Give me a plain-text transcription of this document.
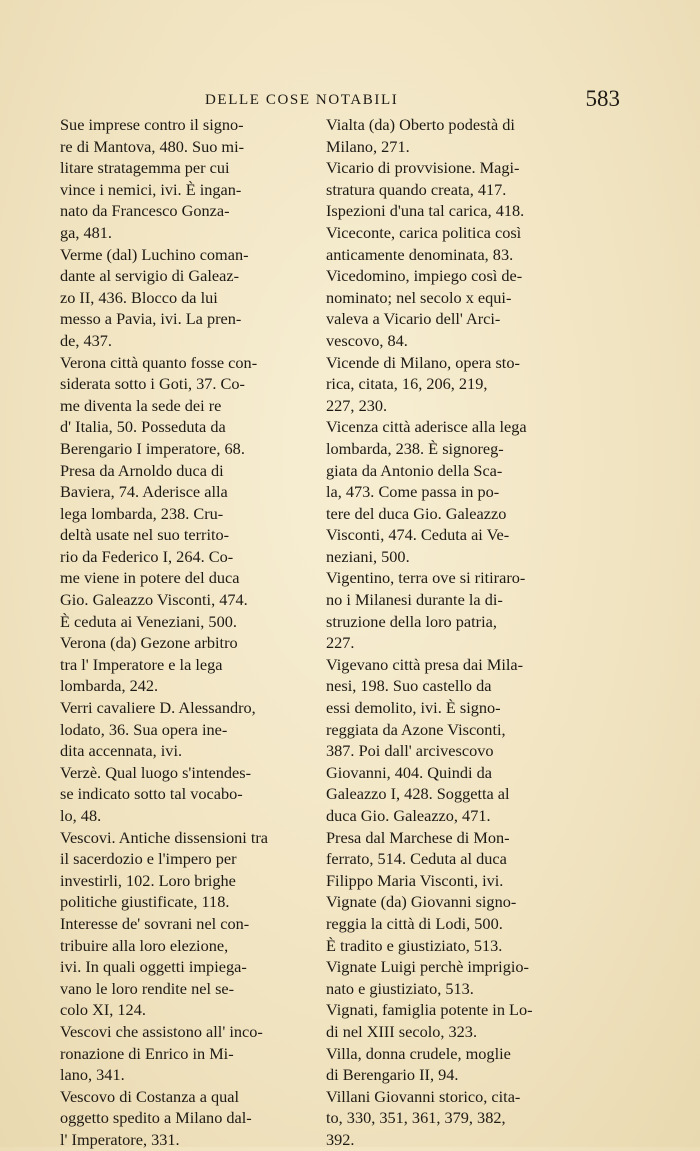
DELLE COSE NOTABILI	583

Sue imprese contro il signo-
re di Mantova, 480. Suo mi-
litare stratagemma per cui
vince i nemici, ivi. È ingan-
nato da Francesco Gonza-
ga, 481.

Verme (dal) Luchino coman-
dante al servigio di Galeaz-
zo II, 436. Blocco da lui
messo a Pavia, ivi. La pren-
de, 437.

Verona città quanto fosse con-
siderata sotto i Goti, 37. Co-
me diventa la sede dei re
d' Italia, 50. Posseduta da
Berengario I imperatore, 68.
Presa da Arnoldo duca di
Baviera, 74. Aderisce alla
lega lombarda, 238. Cru-
deltà usate nel suo territo-
rio da Federico I, 264. Co-
me viene in potere del duca
Gio. Galeazzo Visconti, 474.
È ceduta ai Veneziani, 500.

Verona (da) Gezone arbitro
tra l' Imperatore e la lega
lombarda, 242.

Verri cavaliere D. Alessandro,
lodato, 36. Sua opera ine-
dita accennata, ivi.

Verzè. Qual luogo s'intendes-
se indicato sotto tal vocabo-
lo, 48.

Vescovi. Antiche dissensioni tra
il sacerdozio e l'impero per
investirli, 102. Loro brighe
politiche giustificate, 118.
Interesse de' sovrani nel con-
tribuire alla loro elezione,
ivi. In quali oggetti impiega-
vano le loro rendite nel se-
colo XI, 124.

Vescovi che assistono all' inco-
ronazione di Enrico in Mi-
lano, 341.

Vescovo di Costanza a qual
oggetto spedito a Milano dal-
l' Imperatore, 331.

Vialta (da) Oberto podestà di
Milano, 271.

Vicario di provvisione. Magi-
stratura quando creata, 417.
Ispezioni d'una tal carica, 418.

Viceconte, carica politica così
anticamente denominata, 83.

Vicedomino, impiego così de-
nominato; nel secolo x equi-
valeva a Vicario dell' Arci-
vescovo, 84.

Vicende di Milano, opera sto-
rica, citata, 16, 206, 219,
227, 230.

Vicenza città aderisce alla lega
lombarda, 238. È signoreg-
giata da Antonio della Sca-
la, 473. Come passa in po-
tere del duca Gio. Galeazzo
Visconti, 474. Ceduta ai Ve-
neziani, 500.

Vigentino, terra ove si ritiraro-
no i Milanesi durante la di-
struzione della loro patria,
227.

Vigevano città presa dai Mila-
nesi, 198. Suo castello da
essi demolito, ivi. È signo-
reggiata da Azone Visconti,
387. Poi dall' arcivescovo
Giovanni, 404. Quindi da
Galeazzo I, 428. Soggetta al
duca Gio. Galeazzo, 471.
Presa dal Marchese di Mon-
ferrato, 514. Ceduta al duca
Filippo Maria Visconti, ivi.

Vignate (da) Giovanni signo-
reggia la città di Lodi, 500.
È tradito e giustiziato, 513.

Vignate Luigi perchè imprigio-
nato e giustiziato, 513.

Vignati, famiglia potente in Lo-
di nel XIII secolo, 323.

Villa, donna crudele, moglie
di Berengario II, 94.

Villani Giovanni storico, cita-
to, 330, 351, 361, 379, 382,
392.
